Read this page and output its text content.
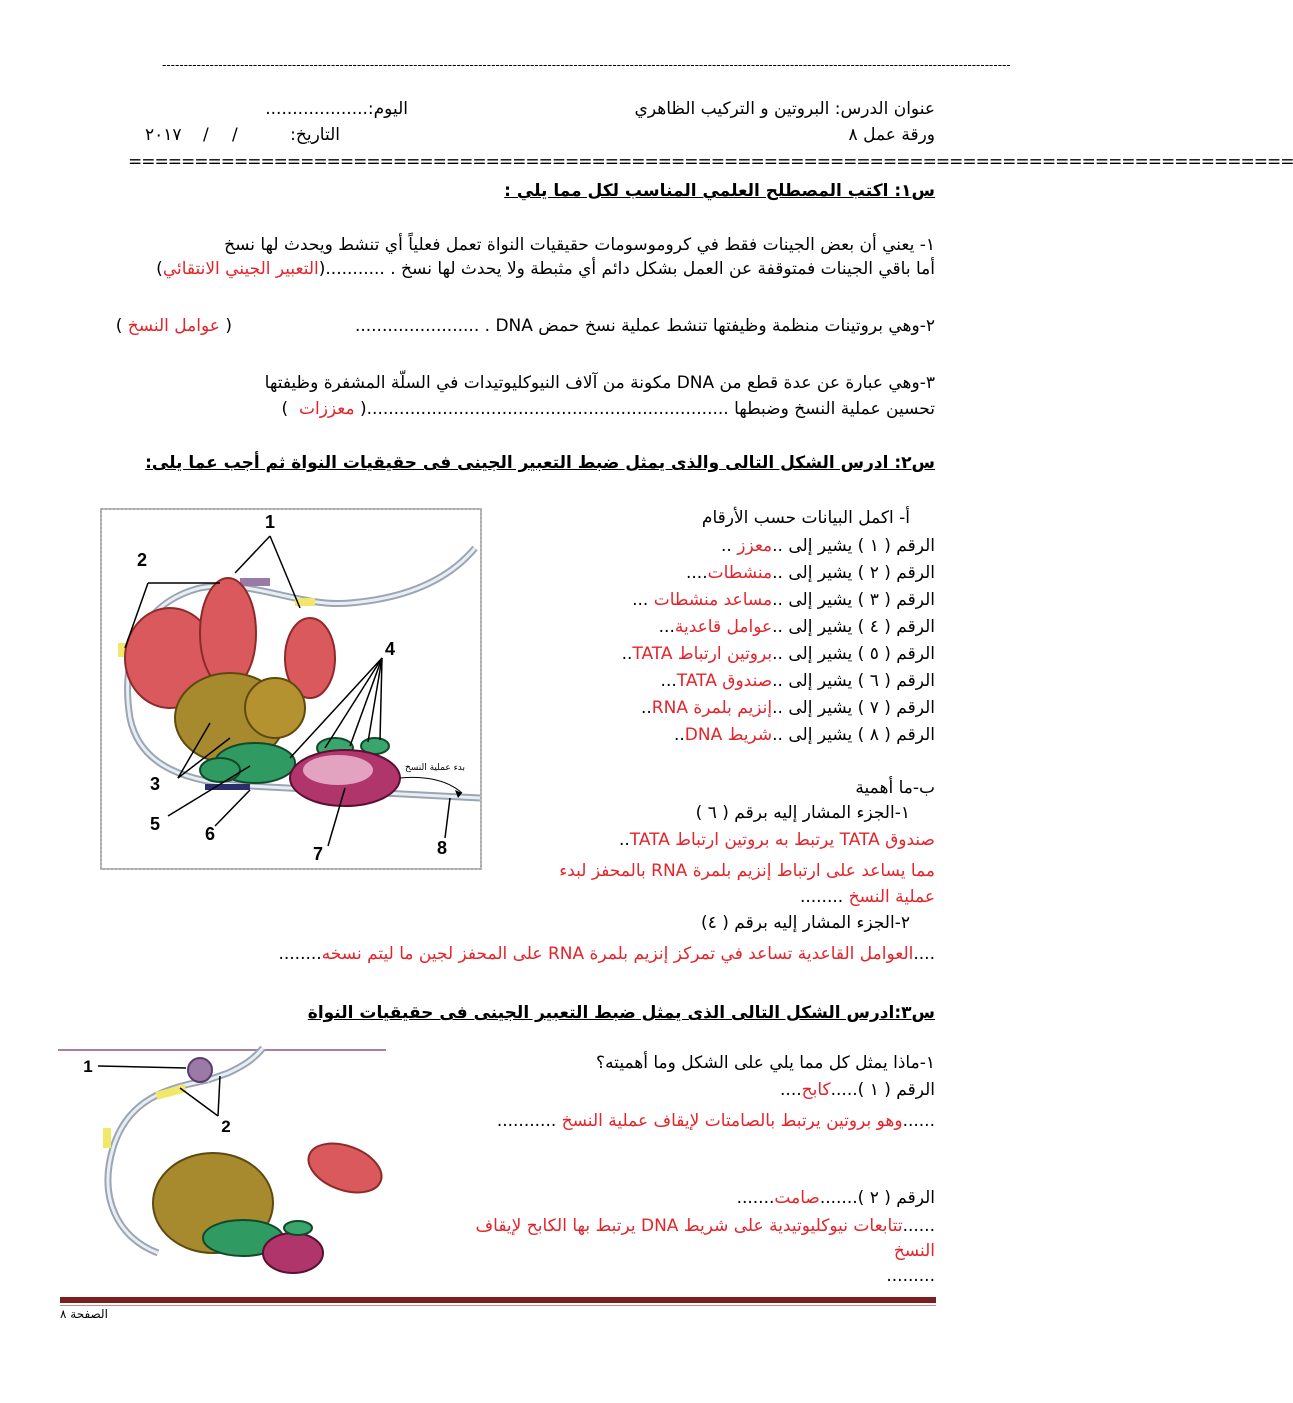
----------------------------------------------------------------------------------------------------------------------------------------------------------------------------------------------------
عنوان الدرس: البروتين و التركيب الظاهري
اليوم:...................
ورقة عمل ٨
التاريخ:
/
/
٢٠١٧
========================================================================================
س١: اكتب المصطلح العلمي المناسب لكل مما يلي :
١- يعني أن بعض الجينات فقط في كروموسومات حقيقيات النواة تعمل فعلياً أي تنشط ويحدث لها نسخ
أما باقي الجينات فمتوقفة عن العمل بشكل دائم أي مثبطة ولا يحدث لها نسخ . ...........(التعبير الجيني الانتقائي)
٢-وهي بروتينات منظمة وظيفتها تنشط عملية نسخ حمض DNA . .......................
( عوامل النسخ )
٣-وهي عبارة عن عدة قطع من DNA مكونة من آلاف النيوكليوتيدات في السلّة المشفرة وظيفتها
تحسين عملية النسخ وضبطها ...................................................................( معززات  )
س٢: ادرس الشكل التالى والذى يمثل ضبط التعبير الجينى فى حقيقيات النواة ثم أجب عما يلى:
أ- اكمل البيانات حسب الأرقام
الرقم ( ١ ) يشير إلى ..معزز ..
الرقم ( ٢ ) يشير إلى ..منشطات....
الرقم ( ٣ ) يشير إلى ..مساعد منشطات ...
الرقم ( ٤ ) يشير إلى ..عوامل قاعدية...
الرقم ( ٥ ) يشير إلى ..بروتين ارتباط TATA..
الرقم ( ٦ ) يشير إلى ..صندوق TATA...
الرقم ( ٧ ) يشير إلى ..إنزيم بلمرة RNA..
الرقم ( ٨ ) يشير إلى ..شريط DNA..
ب-ما أهمية
١-الجزء المشار إليه برقم ( ٦ )
صندوق TATA يرتبط به بروتين ارتباط TATA..
مما يساعد على ارتباط إنزيم بلمرة RNA بالمحفز لبدء
عملية النسخ ........
٢-الجزء المشار إليه برقم ( ٤)
....العوامل القاعدية تساعد في تمركز إنزيم بلمرة RNA على المحفز لجين ما ليتم نسخه........
1
2
3
4
5 6
7	8
بدء عملية النسخ
س٣:ادرس الشكل التالى الذى يمثل ضبط التعبير الجينى فى حقيقيات النواة
١-ماذا يمثل كل مما يلي على الشكل وما أهميته؟
الرقم ( ١ ).....كابح....
......وهو بروتين يرتبط بالصامتات لإيقاف عملية النسخ ...........
الرقم ( ٢ ).......صامت.......
......تتابعات نيوكليوتيدية على شريط DNA يرتبط بها الكابح لإيقاف
النسخ
.........
1
2
الصفحة ٨
